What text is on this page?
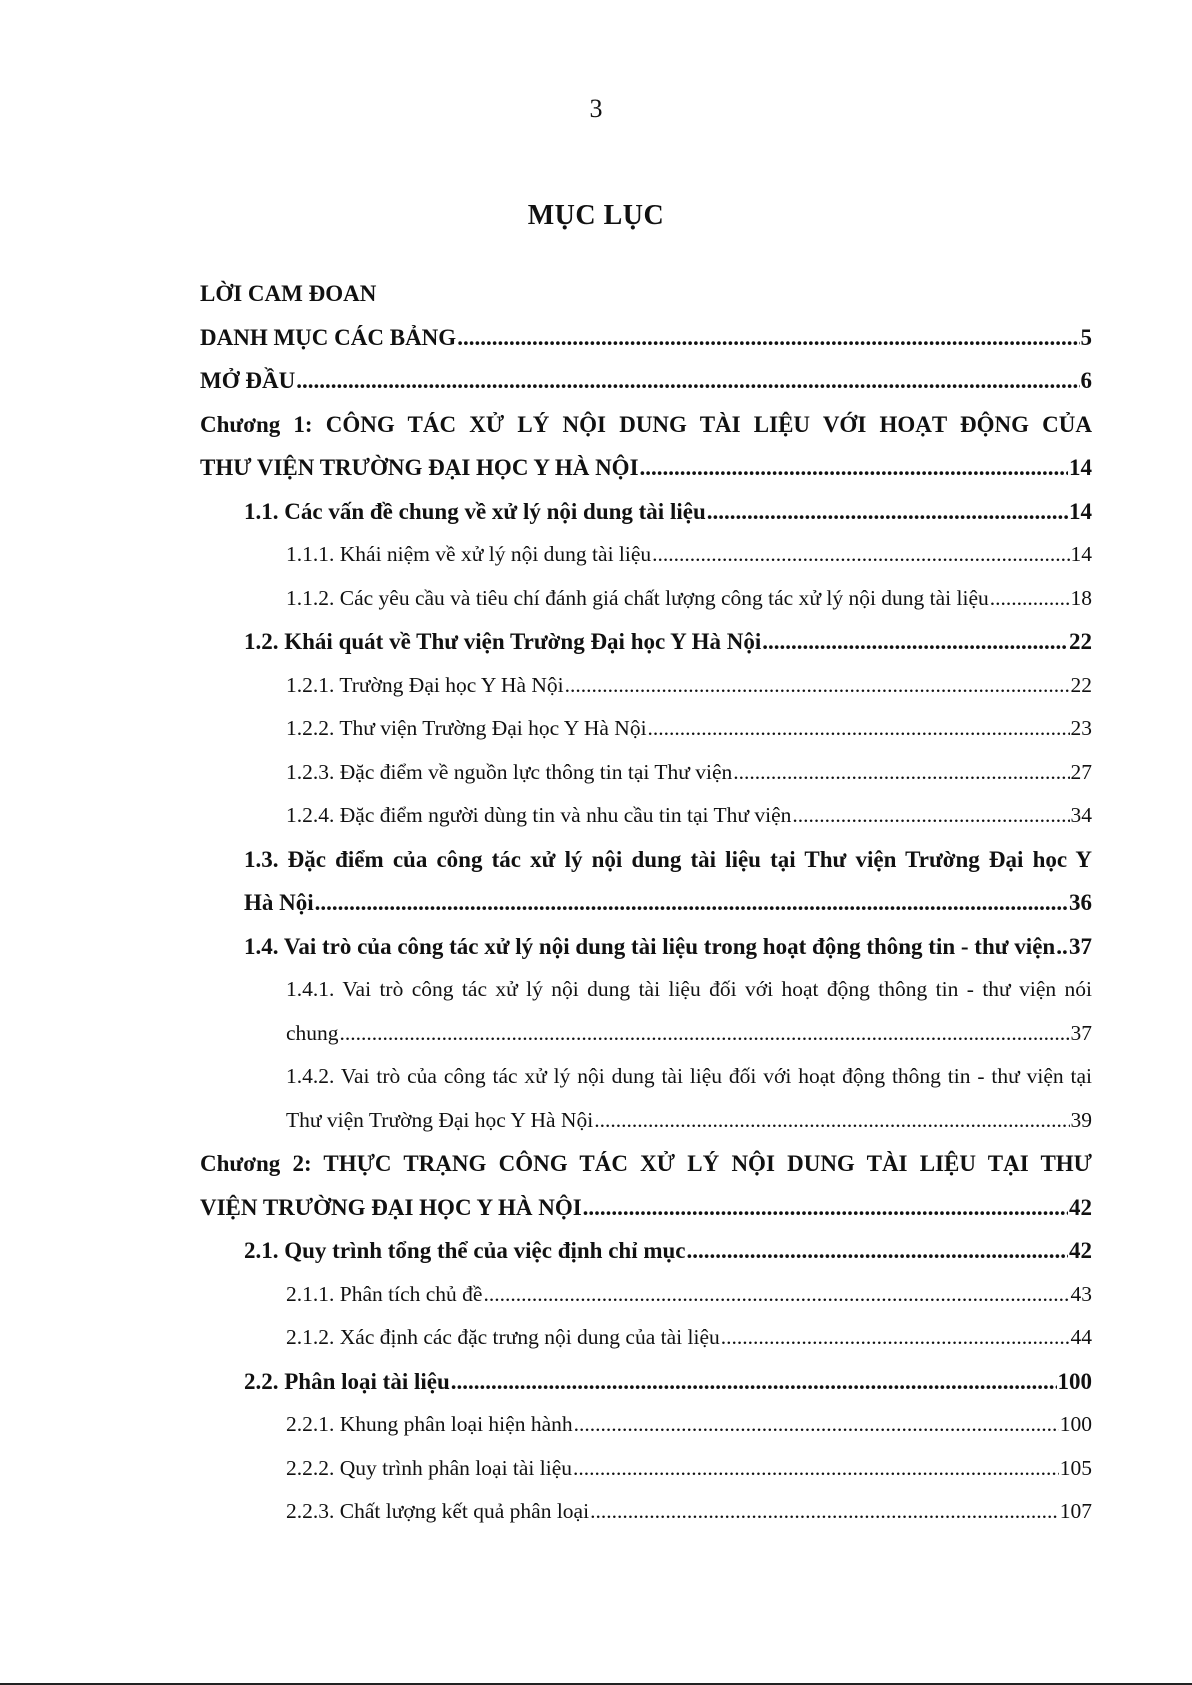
3
MỤC LỤC
LỜI CAM ĐOAN
DANH MỤC CÁC BẢNG .....	5
MỞ ĐẦU .....	6
Chương 1: CÔNG TÁC XỬ LÝ NỘI DUNG TÀI LIỆU VỚI HOẠT ĐỘNG CỦA
THƯ VIỆN TRƯỜNG ĐẠI HỌC Y HÀ NỘI .....	14
1.1. Các vấn đề chung về xử lý nội dung tài liệu .....	14
1.1.1. Khái niệm về xử lý nội dung tài liệu .....	14
1.1.2. Các yêu cầu và tiêu chí đánh giá chất lượng công tác xử lý nội dung tài liệu .....	18
1.2. Khái quát về Thư viện Trường Đại học Y Hà Nội .....	22
1.2.1. Trường Đại học Y Hà Nội .....	22
1.2.2. Thư viện Trường Đại học Y Hà Nội .....	23
1.2.3. Đặc điểm về nguồn lực thông tin tại Thư viện .....	27
1.2.4. Đặc điểm người dùng tin và nhu cầu tin tại Thư viện .....	34
1.3. Đặc điểm của công tác xử lý nội dung tài liệu tại Thư viện Trường Đại học Y
Hà Nội .....	36
1.4. Vai trò của công tác xử lý nội dung tài liệu trong hoạt động thông tin - thư viện ..... 37
1.4.1. Vai trò công tác xử lý nội dung tài liệu đối với hoạt động thông tin - thư viện nói
chung .....	37
1.4.2. Vai trò của công tác xử lý nội dung tài liệu đối với hoạt động thông tin - thư viện tại
Thư viện Trường Đại học Y Hà Nội .....	39
Chương 2: THỰC TRẠNG CÔNG TÁC XỬ LÝ NỘI DUNG TÀI LIỆU TẠI THƯ
VIỆN TRƯỜNG ĐẠI HỌC Y HÀ NỘI .....	42
2.1. Quy trình tổng thể của việc định chỉ mục .....	42
2.1.1. Phân tích chủ đề .....	43
2.1.2. Xác định các đặc trưng nội dung của tài liệu .....	44
2.2. Phân loại tài liệu .....	100
2.2.1. Khung phân loại hiện hành .....	100
2.2.2. Quy trình phân loại tài liệu .....	105
2.2.3. Chất lượng kết quả phân loại .....	107
